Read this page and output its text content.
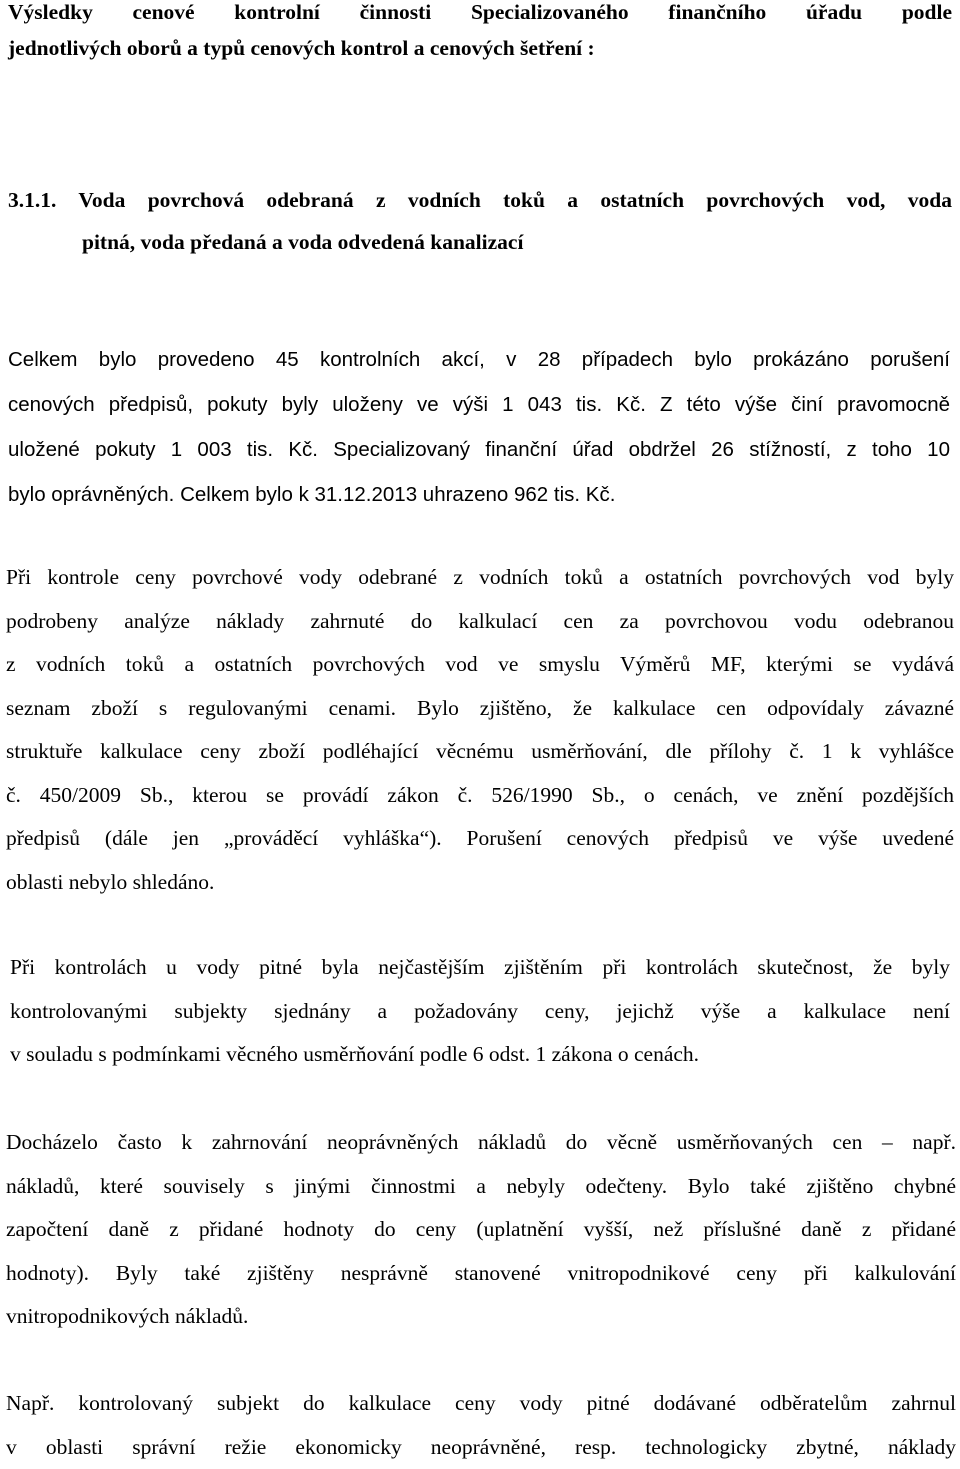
Výsledky cenové kontrolní činnosti Specializovaného finančního úřadu podle
jednotlivých oborů a typů cenových kontrol a cenových šetření :
3.1.1. Voda povrchová odebraná z vodních toků a ostatních povrchových vod, voda
pitná, voda předaná a voda odvedená kanalizací
Celkem bylo provedeno 45 kontrolních akcí, v 28 případech bylo prokázáno porušení
cenových předpisů, pokuty byly uloženy ve výši 1 043 tis. Kč. Z této výše činí pravomocně
uložené pokuty 1 003 tis. Kč. Specializovaný finanční úřad obdržel 26 stížností, z toho 10
bylo oprávněných. Celkem bylo k 31.12.2013 uhrazeno 962 tis. Kč.
Při kontrole ceny povrchové vody odebrané z vodních toků a ostatních povrchových vod byly
podrobeny analýze náklady zahrnuté do kalkulací cen za povrchovou vodu odebranou
z vodních toků a ostatních povrchových vod ve smyslu Výměrů MF, kterými se vydává
seznam zboží s regulovanými cenami. Bylo zjištěno, že kalkulace cen odpovídaly závazné
struktuře kalkulace ceny zboží podléhající věcnému usměrňování, dle přílohy č. 1 k vyhlášce
č. 450/2009 Sb., kterou se provádí zákon č. 526/1990 Sb., o cenách, ve znění pozdějších
předpisů (dále jen „prováděcí vyhláška“). Porušení cenových předpisů ve výše uvedené
oblasti nebylo shledáno.
Při kontrolách u vody pitné byla nejčastějším zjištěním při kontrolách skutečnost, že byly
kontrolovanými subjekty sjednány a požadovány ceny, jejichž výše a kalkulace není
v souladu s podmínkami věcného usměrňování podle 6 odst. 1 zákona o cenách.
Docházelo často k zahrnování neoprávněných nákladů do věcně usměrňovaných cen – např.
nákladů, které souvisely s jinými činnostmi a nebyly odečteny. Bylo také zjištěno chybné
započtení daně z přidané hodnoty do ceny (uplatnění vyšší, než příslušné daně z přidané
hodnoty). Byly také zjištěny nesprávně stanovené vnitropodnikové ceny při kalkulování
vnitropodnikových nákladů.
Např. kontrolovaný subjekt do kalkulace ceny vody pitné dodávané odběratelům zahrnul
v oblasti správní režie ekonomicky neoprávněné, resp. technologicky zbytné, náklady
